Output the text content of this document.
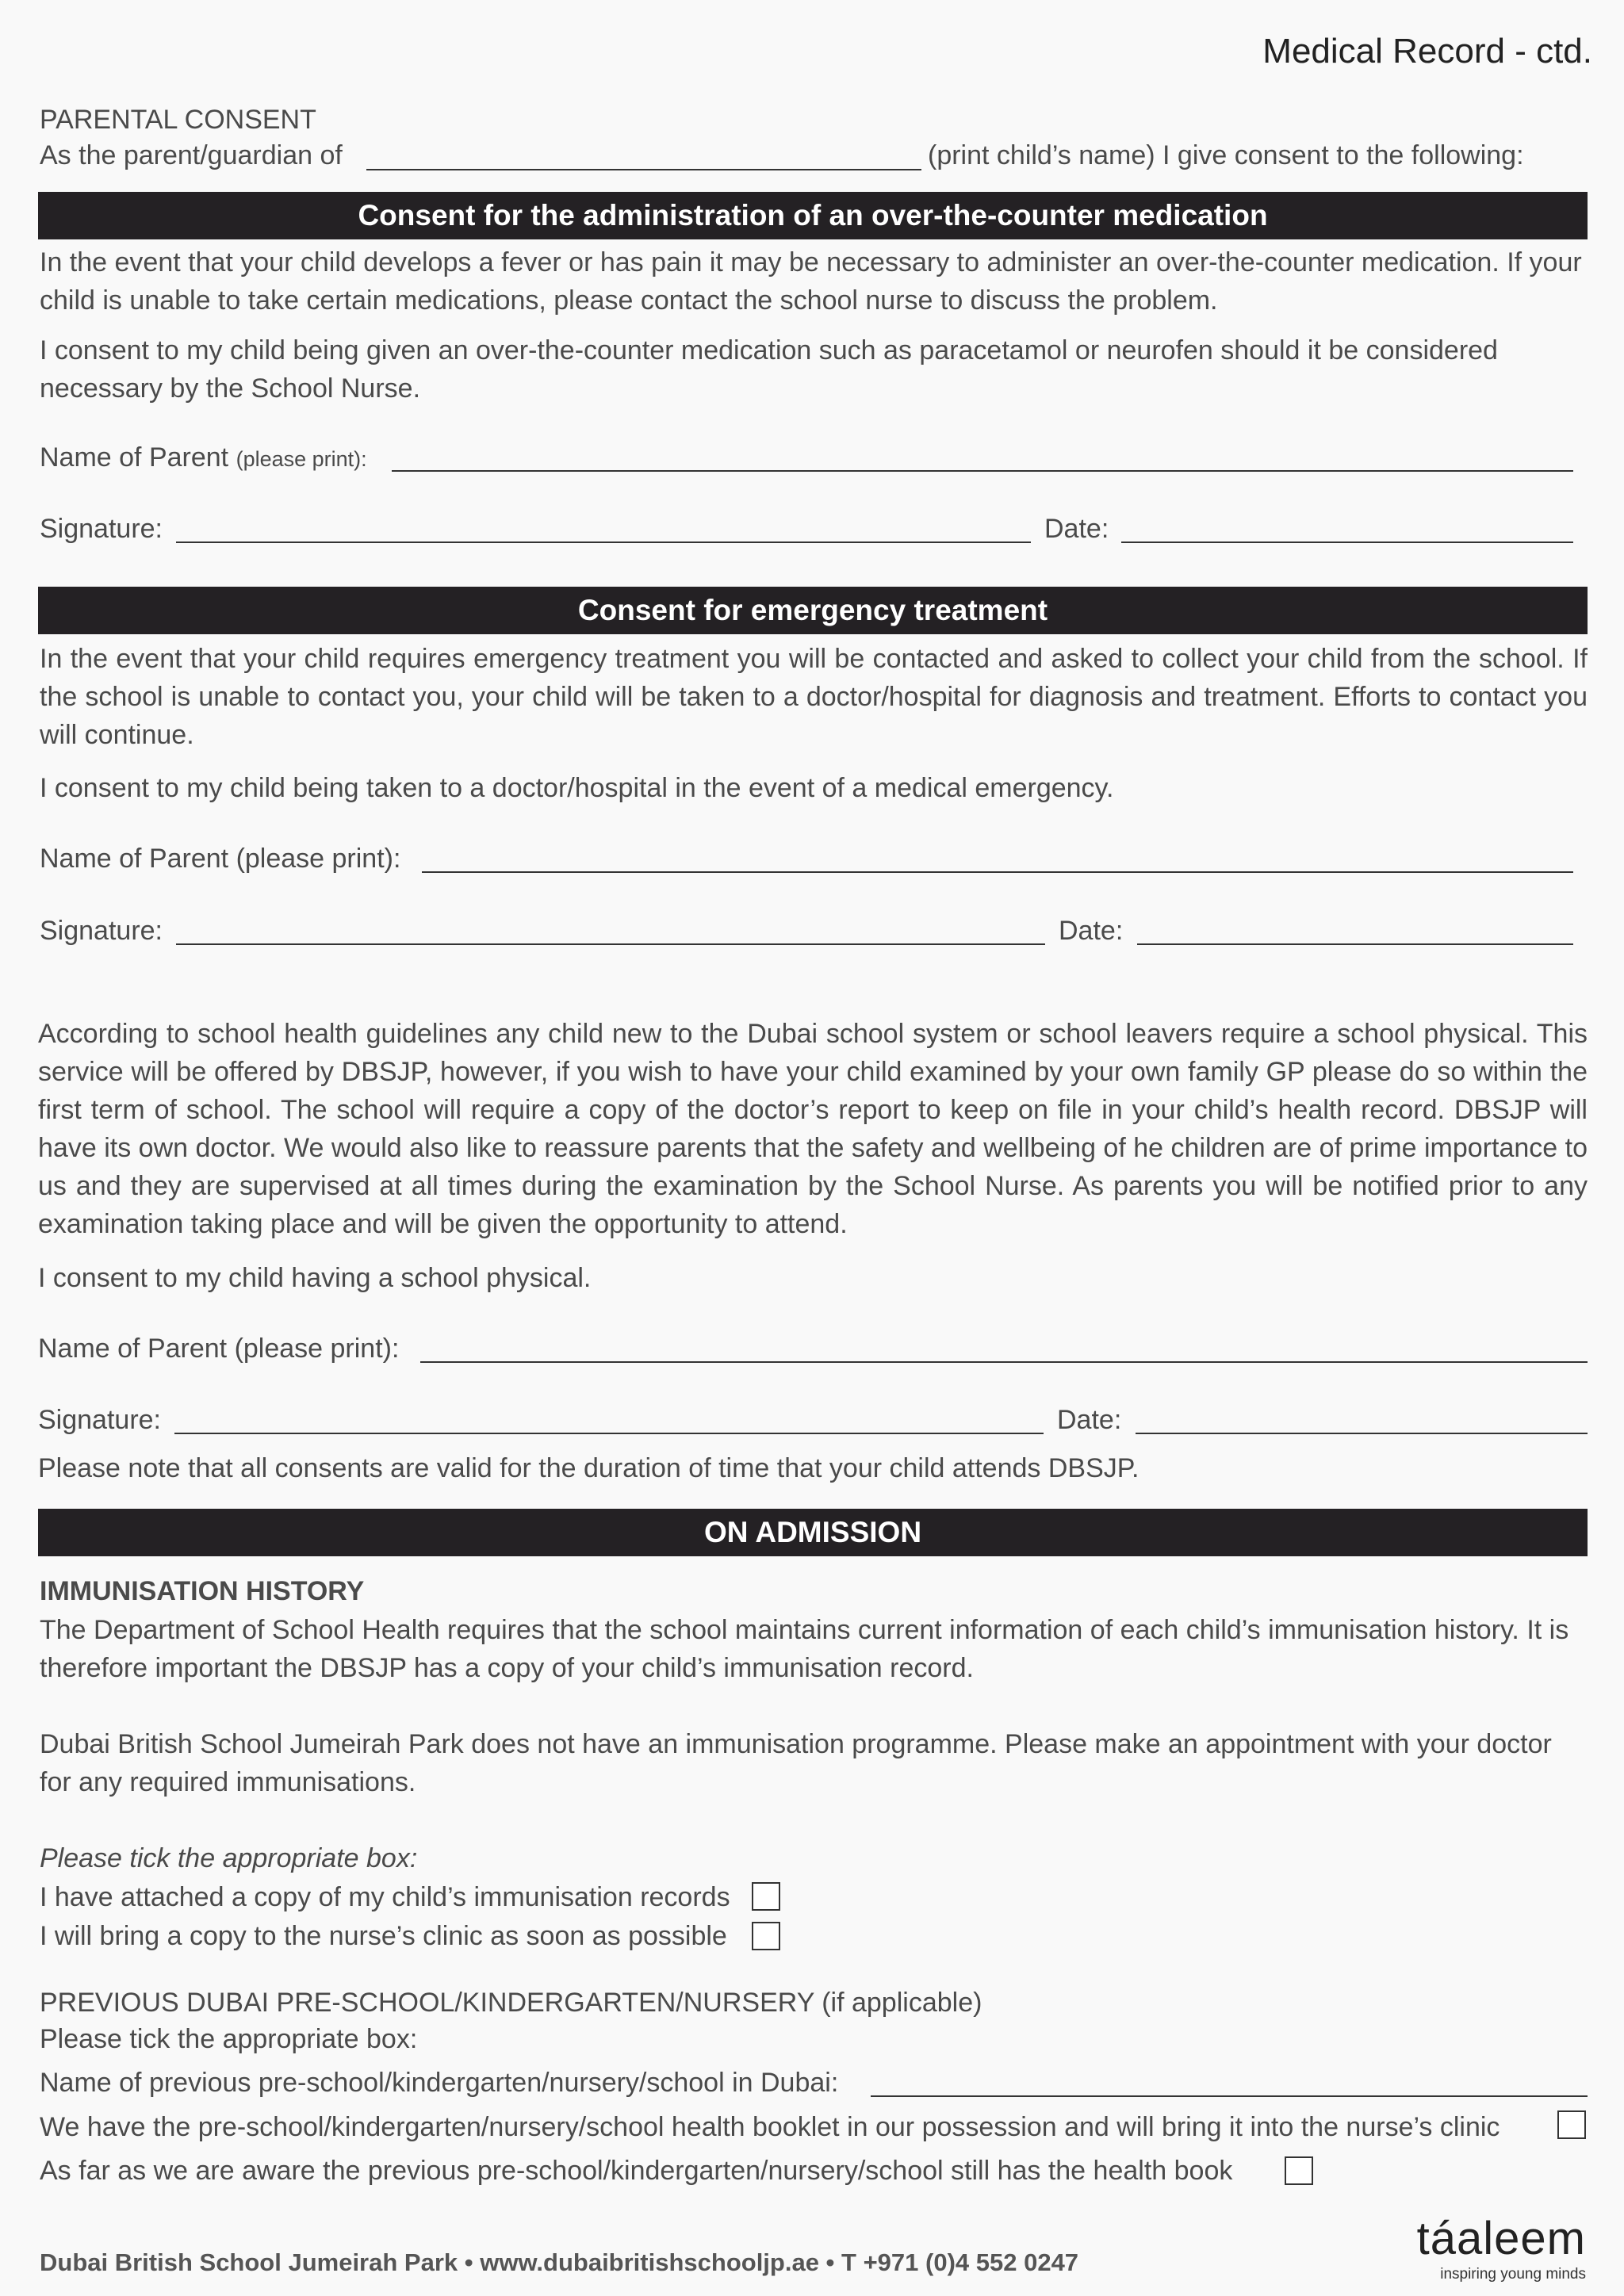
Medical Record - ctd.
PARENTAL CONSENT
As the parent/guardian of	(print child’s name) I give consent to the following:
Consent for the administration of an over-the-counter medication
In the event that your child develops a fever or has pain it may be necessary to administer an over-the-counter medication. If your child is unable to take certain medications, please contact the school nurse to discuss the problem.
I consent to my child being given an over-the-counter medication such as paracetamol or neurofen should it be considered necessary by the School Nurse.
Name of Parent (please print):
Signature:	Date:
Consent for emergency treatment
In the event that your child requires emergency treatment you will be contacted and asked to collect your child from the school. If the school is unable to contact you, your child will be taken to a doctor/hospital for diagnosis and treatment. Efforts to contact you will continue.
I consent to my child being taken to a doctor/hospital in the event of a medical emergency.
Name of Parent (please print):
Signature:	Date:
According to school health guidelines any child new to the Dubai school system or school leavers require a school physical. This service will be offered by DBSJP, however, if you wish to have your child examined by your own family GP please do so within the first term of school. The school will require a copy of the doctor’s report to keep on file in your child’s health record. DBSJP will have its own doctor. We would also like to reassure parents that the safety and wellbeing of he children are of prime importance to us and they are supervised at all times during the examination by the School Nurse. As parents you will be notified prior to any examination taking place and will be given the opportunity to attend.
I consent to my child having a school physical.
Name of Parent (please print):
Signature:	Date:
Please note that all consents are valid for the duration of time that your child attends DBSJP.
ON ADMISSION
IMMUNISATION HISTORY
The Department of School Health requires that the school maintains current information of each child’s immunisation history. It is therefore important the DBSJP has a copy of your child’s immunisation record.
Dubai British School Jumeirah Park does not have an immunisation programme. Please make an appointment with your doctor for any required immunisations.
Please tick the appropriate box:
I have attached a copy of my child’s immunisation records
I will bring a copy to the nurse’s clinic as soon as possible
PREVIOUS DUBAI PRE-SCHOOL/KINDERGARTEN/NURSERY (if applicable)
Please tick the appropriate box:
Name of previous pre-school/kindergarten/nursery/school in Dubai:
We have the pre-school/kindergarten/nursery/school health booklet in our possession and will bring it into the nurse’s clinic
As far as we are aware the previous pre-school/kindergarten/nursery/school still has the health book
Dubai British School Jumeirah Park • www.dubaibritishschooljp.ae • T +971 (0)4 552 0247	táaleem
inspiring young minds
